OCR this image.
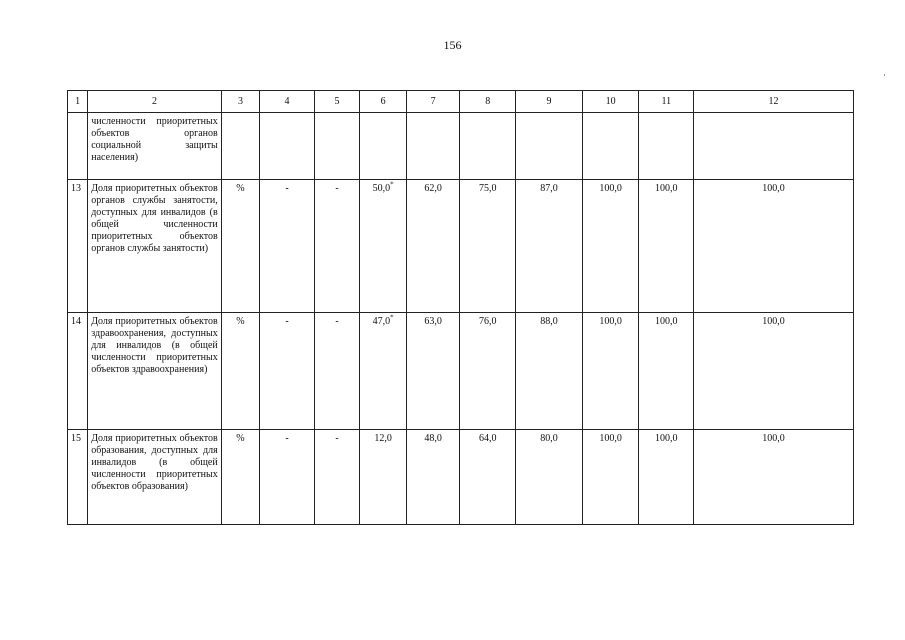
156
1	2	3	4	5	6	7	8	9	10	11	12
	численности приоритетных объектов органов социальной защиты населения)										
13	Доля приоритетных объектов органов службы занятости, доступных для инвалидов (в общей численности приоритетных объектов органов службы занятости)	%	-	-	50,0*	62,0	75,0	87,0	100,0	100,0	100,0
14	Доля приоритетных объектов здравоохранения, доступных для инвалидов (в общей численности приоритетных объектов здравоохранения)	%	-	-	47,0*	63,0	76,0	88,0	100,0	100,0	100,0
15	Доля приоритетных объектов образования, доступных для инвалидов (в общей численности приоритетных объектов образования)	%	-	-	12,0	48,0	64,0	80,0	100,0	100,0	100,0
